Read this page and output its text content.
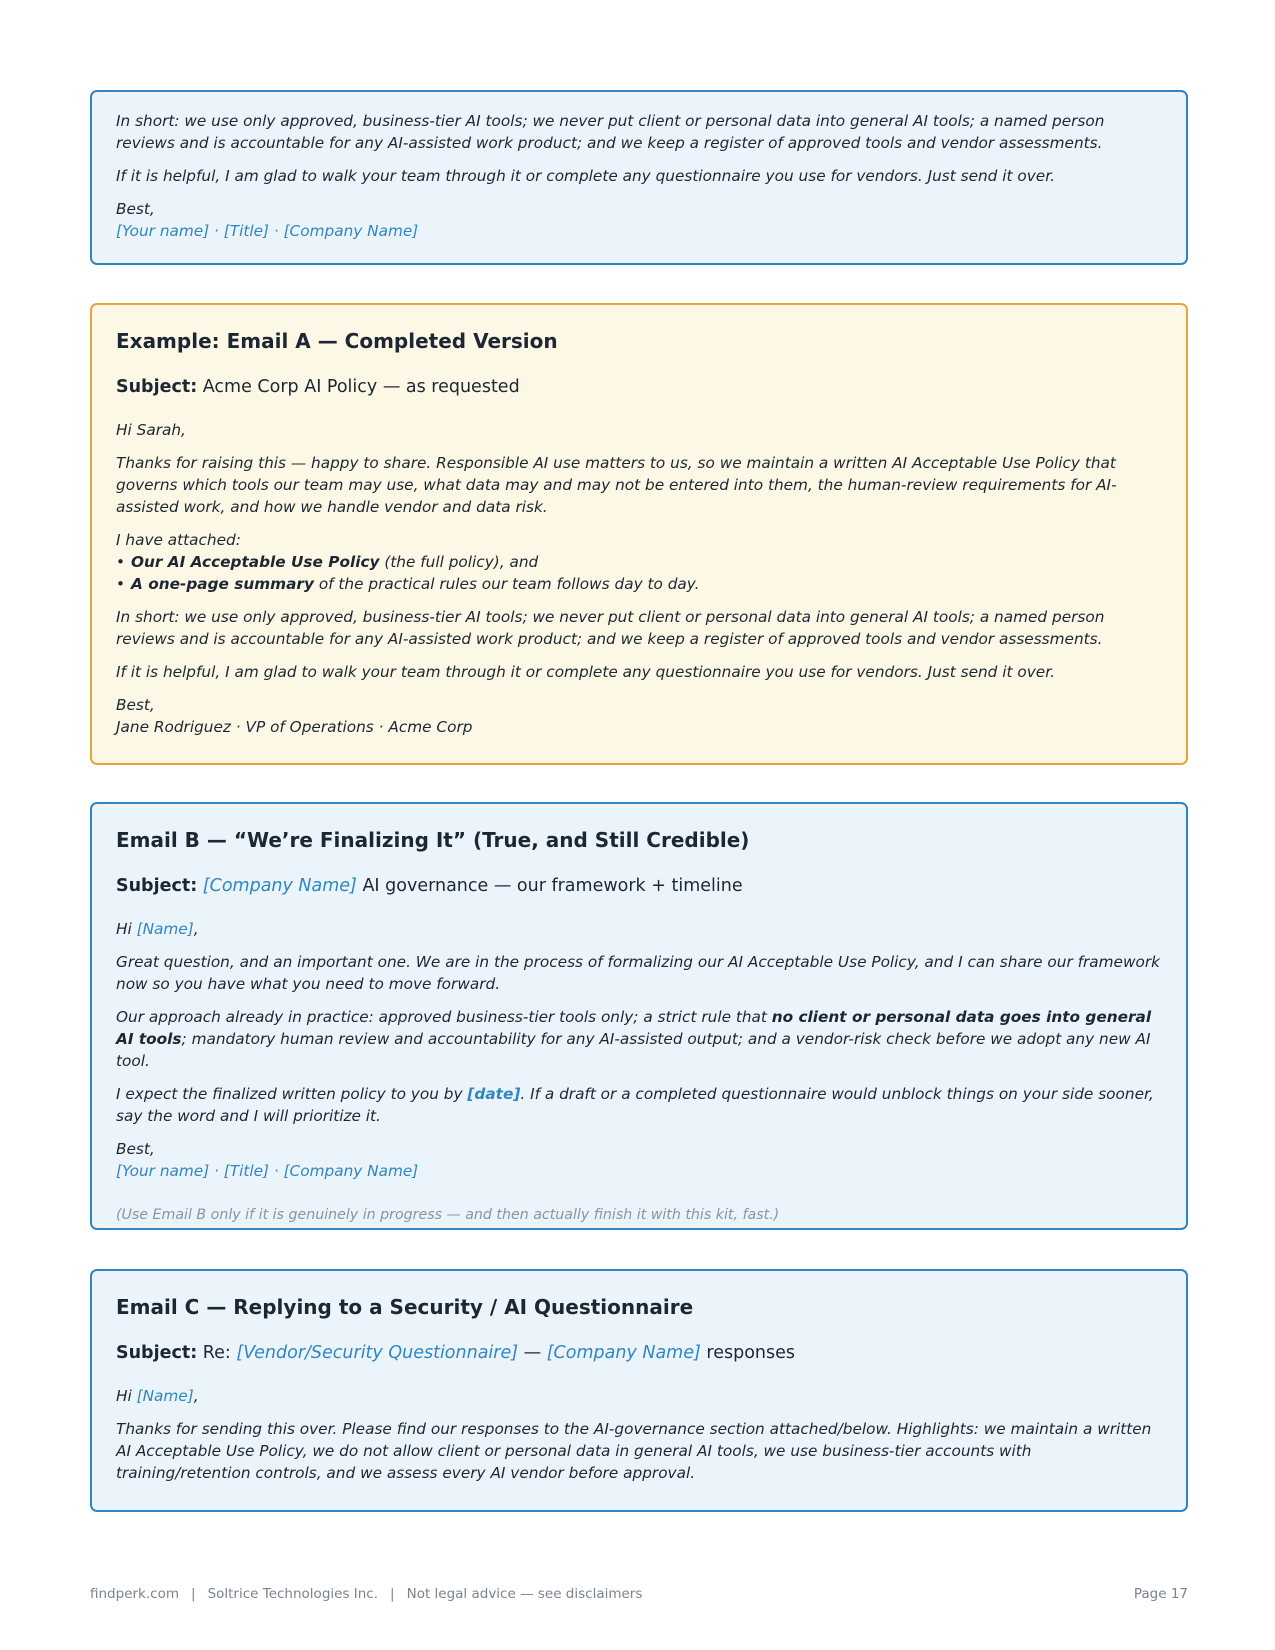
In short: we use only approved, business-tier AI tools; we never put client or personal data into general AI tools; a named person reviews and is accountable for any AI-assisted work product; and we keep a register of approved tools and vendor assessments.

If it is helpful, I am glad to walk your team through it or complete any questionnaire you use for vendors. Just send it over.

Best,
[Your name] · [Title] · [Company Name]
Example: Email A — Completed Version
Subject: Acme Corp AI Policy — as requested

Hi Sarah,

Thanks for raising this — happy to share. Responsible AI use matters to us, so we maintain a written AI Acceptable Use Policy that governs which tools our team may use, what data may and may not be entered into them, the human-review requirements for AI-assisted work, and how we handle vendor and data risk.

I have attached:
• Our AI Acceptable Use Policy (the full policy), and
• A one-page summary of the practical rules our team follows day to day.

In short: we use only approved, business-tier AI tools; we never put client or personal data into general AI tools; a named person reviews and is accountable for any AI-assisted work product; and we keep a register of approved tools and vendor assessments.

If it is helpful, I am glad to walk your team through it or complete any questionnaire you use for vendors. Just send it over.

Best,
Jane Rodriguez · VP of Operations · Acme Corp
Email B — “We’re Finalizing It” (True, and Still Credible)
Subject: [Company Name] AI governance — our framework + timeline

Hi [Name],

Great question, and an important one. We are in the process of formalizing our AI Acceptable Use Policy, and I can share our framework now so you have what you need to move forward.

Our approach already in practice: approved business-tier tools only; a strict rule that no client or personal data goes into general AI tools; mandatory human review and accountability for any AI-assisted output; and a vendor-risk check before we adopt any new AI tool.

I expect the finalized written policy to you by [date]. If a draft or a completed questionnaire would unblock things on your side sooner, say the word and I will prioritize it.

Best,
[Your name] · [Title] · [Company Name]

(Use Email B only if it is genuinely in progress — and then actually finish it with this kit, fast.)

Email C — Replying to a Security / AI Questionnaire
Subject: Re: [Vendor/Security Questionnaire] — [Company Name] responses

Hi [Name],

Thanks for sending this over. Please find our responses to the AI-governance section attached/below. Highlights: we maintain a written AI Acceptable Use Policy, we do not allow client or personal data in general AI tools, we use business-tier accounts with training/retention controls, and we assess every AI vendor before approval.

findperk.com | Soltrice Technologies Inc. | Not legal advice — see disclaimers	Page 17
